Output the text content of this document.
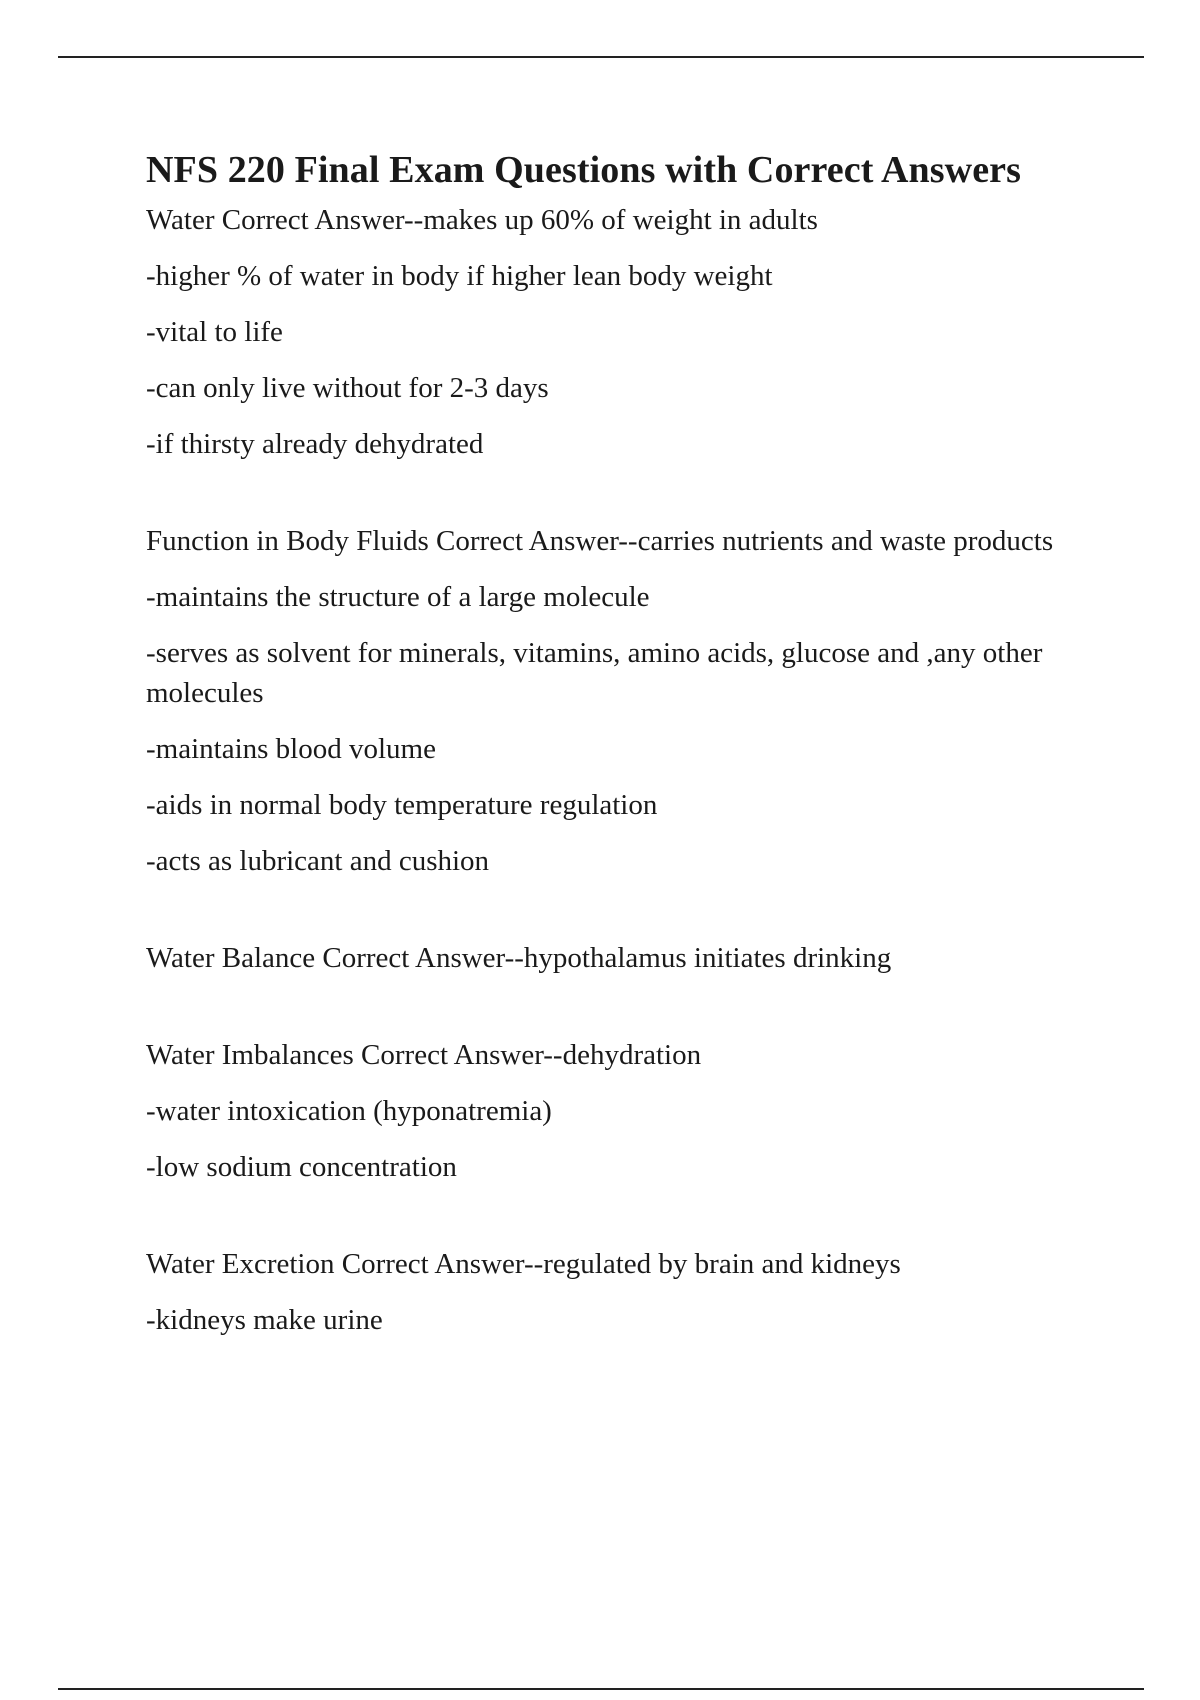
NFS 220 Final Exam Questions with Correct Answers

Water Correct Answer--makes up 60% of weight in adults

-higher % of water in body if higher lean body weight

-vital to life

-can only live without for 2-3 days

-if thirsty already dehydrated

Function in Body Fluids Correct Answer--carries nutrients and waste products

-maintains the structure of a large molecule

-serves as solvent for minerals, vitamins, amino acids, glucose and ,any other molecules

-maintains blood volume

-aids in normal body temperature regulation

-acts as lubricant and cushion

Water Balance Correct Answer--hypothalamus initiates drinking

Water Imbalances Correct Answer--dehydration

-water intoxication (hyponatremia)

-low sodium concentration

Water Excretion Correct Answer--regulated by brain and kidneys

-kidneys make urine
